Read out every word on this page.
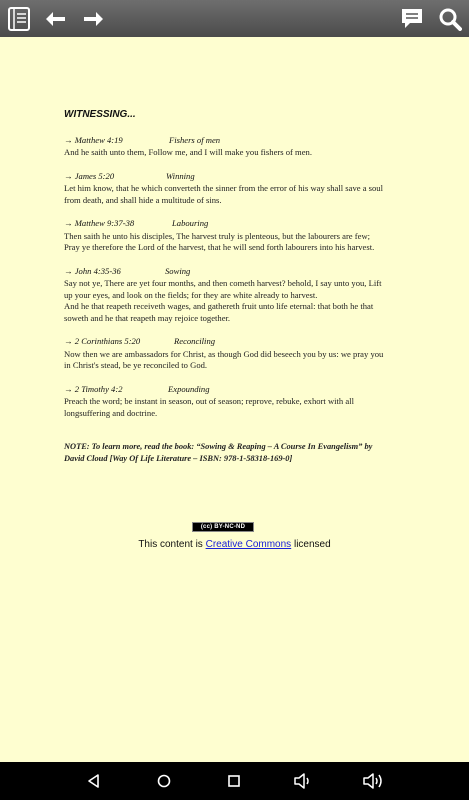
WITNESSING...
→ Matthew 4:19	Fishers of men

And he saith unto them, Follow me, and I will make you fishers of men.

→ James 5:20	Winning

Let him know, that he which converteth the sinner from the error of his way shall save a soul from death, and shall hide a multitude of sins.

→ Matthew 9:37-38	Labouring

Then saith he unto his disciples, The harvest truly is plenteous, but the labourers are few;

Pray ye therefore the Lord of the harvest, that he will send forth labourers into his harvest.

→ John 4:35-36	Sowing

Say not ye, There are yet four months, and then cometh harvest? behold, I say unto you, Lift up your eyes, and look on the fields; for they are white already to harvest.

And he that reapeth receiveth wages, and gathereth fruit unto life eternal: that both he that soweth and he that reapeth may rejoice together.

→ 2 Corinthians 5:20	Reconciling

Now then we are ambassadors for Christ, as though God did beseech you by us: we pray you in Christ's stead, be ye reconciled to God.

→ 2 Timothy 4:2	Expounding

Preach the word; be instant in season, out of season; reprove, rebuke, exhort with all longsuffering and doctrine.

NOTE: To learn more, read the book: “Sowing & Reaping – A Course In Evangelism” by David Cloud [Way Of Life Literature – ISBN: 978-1-58318-169-0]

(cc) BY-NC-ND
This content is Creative Commons licensed
